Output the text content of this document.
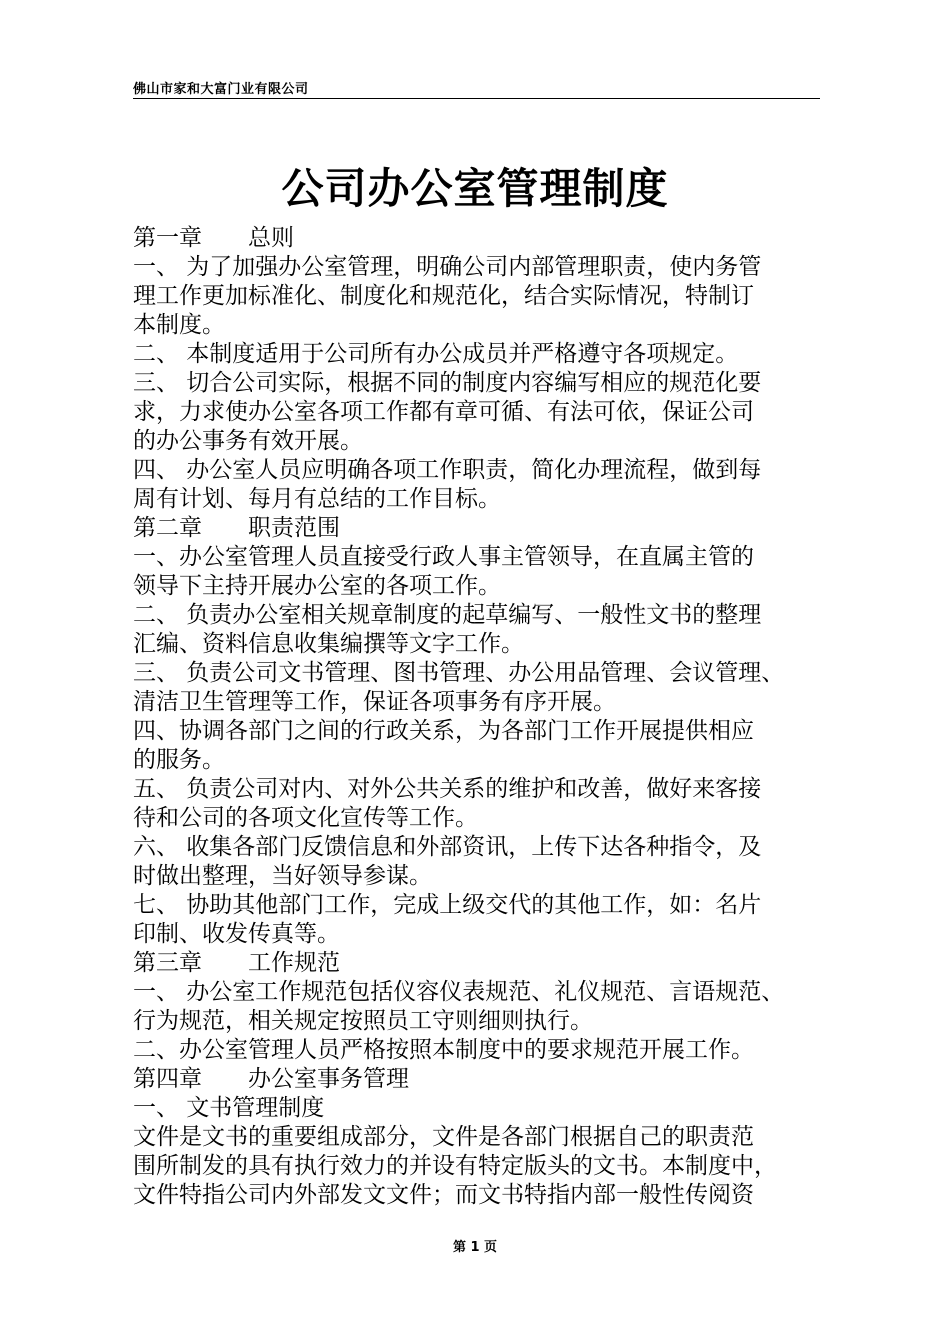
佛山市家和大富门业有限公司
公司办公室管理制度
第一章　　总则
一、 为了加强办公室管理，明确公司内部管理职责，使内务管
理工作更加标准化、制度化和规范化，结合实际情况，特制订
本制度。
二、 本制度适用于公司所有办公成员并严格遵守各项规定。
三、 切合公司实际，根据不同的制度内容编写相应的规范化要
求，力求使办公室各项工作都有章可循、有法可依，保证公司
的办公事务有效开展。
四、 办公室人员应明确各项工作职责，简化办理流程，做到每
周有计划、每月有总结的工作目标。
第二章　　职责范围
一、办公室管理人员直接受行政人事主管领导，在直属主管的
领导下主持开展办公室的各项工作。
二、 负责办公室相关规章制度的起草编写、一般性文书的整理
汇编、资料信息收集编撰等文字工作。
三、 负责公司文书管理、图书管理、办公用品管理、会议管理、
清洁卫生管理等工作，保证各项事务有序开展。
四、协调各部门之间的行政关系，为各部门工作开展提供相应
的服务。
五、 负责公司对内、对外公共关系的维护和改善，做好来客接
待和公司的各项文化宣传等工作。
六、 收集各部门反馈信息和外部资讯，上传下达各种指令，及
时做出整理，当好领导参谋。
七、 协助其他部门工作，完成上级交代的其他工作，如：名片
印制、收发传真等。
第三章　　工作规范
一、 办公室工作规范包括仪容仪表规范、礼仪规范、言语规范、
行为规范，相关规定按照员工守则细则执行。
二、办公室管理人员严格按照本制度中的要求规范开展工作。
第四章　　办公室事务管理
一、 文书管理制度
文件是文书的重要组成部分，文件是各部门根据自己的职责范
围所制发的具有执行效力的并设有特定版头的文书。本制度中，
文件特指公司内外部发文文件；而文书特指内部一般性传阅资
第 1 页
